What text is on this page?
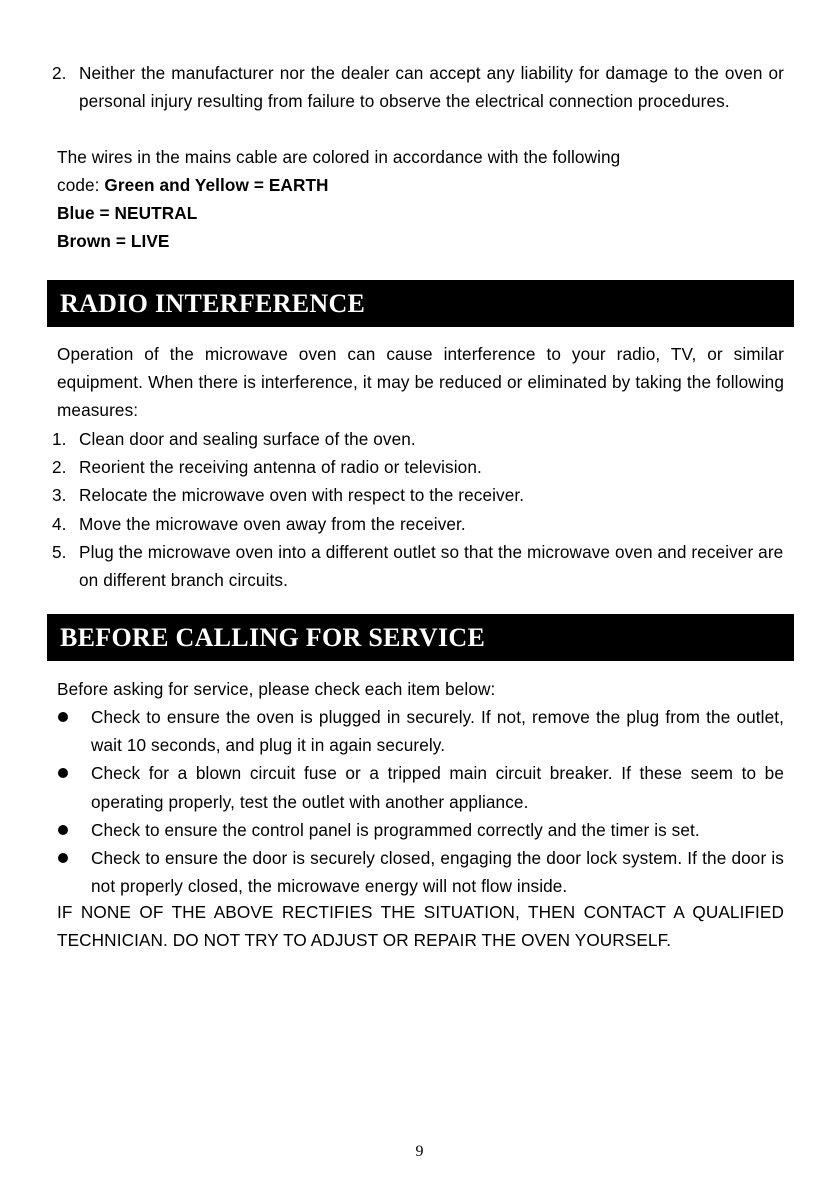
2. Neither the manufacturer nor the dealer can accept any liability for damage to the oven or personal injury resulting from failure to observe the electrical connection procedures.
The wires in the mains cable are colored in accordance with the following
code: Green and Yellow = EARTH
Blue = NEUTRAL
Brown = LIVE
RADIO INTERFERENCE
Operation of the microwave oven can cause interference to your radio, TV, or similar equipment. When there is interference, it may be reduced or eliminated by taking the following measures:
1. Clean door and sealing surface of the oven.
2. Reorient the receiving antenna of radio or television.
3. Relocate the microwave oven with respect to the receiver.
4. Move the microwave oven away from the receiver.
5. Plug the microwave oven into a different outlet so that the microwave oven and receiver are on different branch circuits.
BEFORE CALLING FOR SERVICE
Before asking for service, please check each item below:
Check to ensure the oven is plugged in securely. If not, remove the plug from the outlet, wait 10 seconds, and plug it in again securely.
Check for a blown circuit fuse or a tripped main circuit breaker. If these seem to be operating properly, test the outlet with another appliance.
Check to ensure the control panel is programmed correctly and the timer is set.
Check to ensure the door is securely closed, engaging the door lock system. If the door is not properly closed, the microwave energy will not flow inside.
IF NONE OF THE ABOVE RECTIFIES THE SITUATION, THEN CONTACT A QUALIFIED TECHNICIAN. DO NOT TRY TO ADJUST OR REPAIR THE OVEN YOURSELF.
9
